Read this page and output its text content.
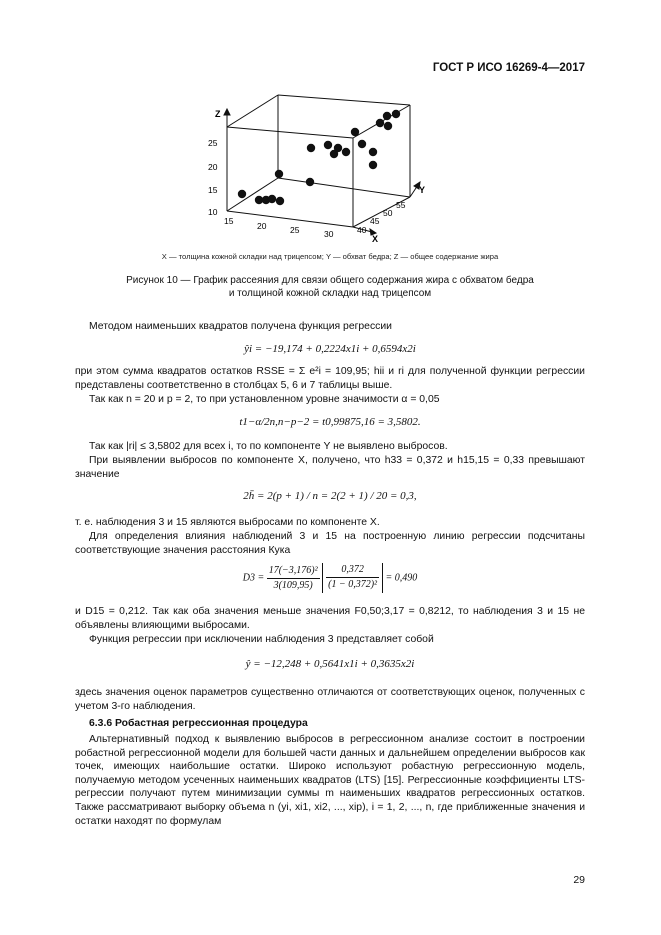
ГОСТ Р ИСО 16269-4—2017
Z
X
Y
10
15
20
25
15	20	25	30	40
45
50
55
X — толщина кожной складки над трицепсом; Y — обхват бедра; Z — общее содержание жира
Рисунок 10 — График рассеяния для связи общего содержания жира с обхватом бедра
и толщиной кожной складки над трицепсом
Методом наименьших квадратов получена функция регрессии
ŷi = −19,174 + 0,2224x1i + 0,6594x2i
при этом сумма квадратов остатков RSSE = Σ e²i = 109,95; hii и ri для полученной функции регрессии представлены соответственно в столбцах 5, 6 и 7 таблицы выше.
Так как n = 20 и p = 2, то при установленном уровне значимости α = 0,05
t1−α/2n,n−p−2 = t0,99875,16 = 3,5802.
Так как |ri| ≤ 3,5802 для всех i, то по компоненте Y не выявлено выбросов.
При выявлении выбросов по компоненте X, получено, что h33 = 0,372 и h15,15 = 0,33 превышают значение
2h̄ = 2(p + 1) / n = 2(2 + 1) / 20 = 0,3,
т. е. наблюдения 3 и 15 являются выбросами по компоненте X.
Для определения влияния наблюдений 3 и 15 на построенную линию регрессии подсчитаны соответствующие значения расстояния Кука
$D3 = \frac{\text{17(−3,176)²}}{3(109,95)}$
$\frac{0,372}{\text{(1 − 0,372)²}} = 0,490$
и D15 = 0,212. Так как оба значения меньше значения F0,50;3,17 = 0,8212, то наблюдения 3 и 15 не объявлены влияющими выбросами.
Функция регрессии при исключении наблюдения 3 представляет собой
ŷ = −12,248 + 0,5641x1i + 0,3635x2i
здесь значения оценок параметров существенно отличаются от соответствующих оценок, полученных с учетом 3-го наблюдения.
6.3.6 Робастная регрессионная процедура
Альтернативный подход к выявлению выбросов в регрессионном анализе состоит в построении робастной регрессионной модели для большей части данных и дальнейшем определении выбросов как точек, имеющих наибольшие остатки. Широко используют робастную регрессионную модель, получаемую методом усеченных наименьших квадратов (LTS) [15]. Регрессионные коэффициенты LTS-регрессии получают путем минимизации суммы m наименьших квадратов регрессионных остатков. Также рассматривают выборку объема n (yi, xi1, xi2, ..., xip), i = 1, 2, ..., n, где приближенные значения и остатки находят по формулам
29
